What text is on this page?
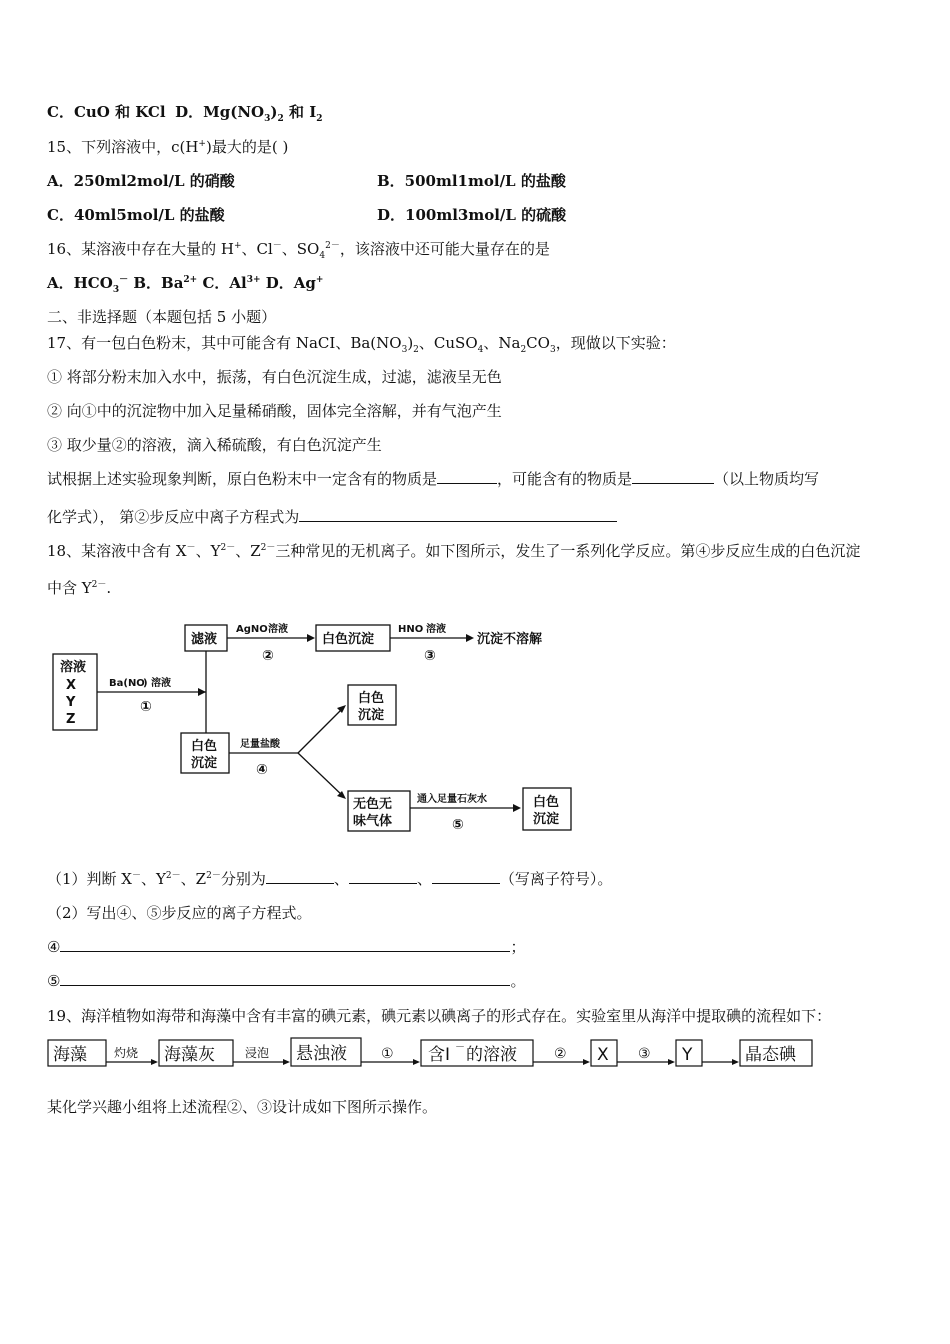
C．CuO 和 KCl D．$Mg(NO_3)_2$ 和 $I_2$
15、下列溶液中，c(H+)最大的是( )
A．250ml2mol/L 的硝酸	B．500ml1mol/L 的盐酸
C．40ml5mol/L 的盐酸	D．100ml3mol/L 的硫酸
16、某溶液中存在大量的 H+、Cl－、$SO_4^{2-}$，该溶液中还可能大量存在的是
A．$HCO_3^-$ B．$Ba^{2+}$ C．$Al^{3+}$ D．Ag+
二、非选择题（本题包括 5 小题）
17、有一包白色粉末，其中可能含有 NaCI、$Ba(NO_3)_2$、CuSO$_4$、$Na_2CO_3$，现做以下实验：
① 将部分粉末加入水中，振荡，有白色沉淀生成，过滤，滤液呈无色
② 向①中的沉淀物中加入足量稀硝酸，固体完全溶解，并有气泡产生
③ 取少量②的溶液，滴入稀硫酸，有白色沉淀产生
试根据上述实验现象判断，原白色粉末中一定含有的物质是	，可能含有的物质是	（以上物质均写
化学式）， 第②步反应中离子方程式为
18、某溶液中含有 X－、$Y^{2-}$、$Z^{2-}$三种常见的无机离子。如下图所示，发生了一系列化学反应。第④步反应生成的白色沉淀
中含 $Y^{2-}$.
溶液
X
Y
Z
Ba(NO
) 溶液
①
滤液
AgNO 溶液
②
白色沉淀
HNO 溶液
③
沉淀不溶解
白色
沉淀
足量盐酸
④
白色
沉淀
无色无
味气体
通入足量石灰水
⑤
白色
沉淀
（1）判断 X－、$Y^{2-}$、$Z^{2-}$分别为	、	、	（写离子符号）。
（2）写出④、⑤步反应的离子方程式。
④	；
⑤	。
19、海洋植物如海带和海藻中含有丰富的碘元素，碘元素以碘离子的形式存在。实验室里从海洋中提取碘的流程如下：
海藻	海藻灰	悬浊液	含I － 的溶液	X	Y	晶态碘
灼烧	浸泡	①	②	③
某化学兴趣小组将上述流程②、③设计成如下图所示操作。
